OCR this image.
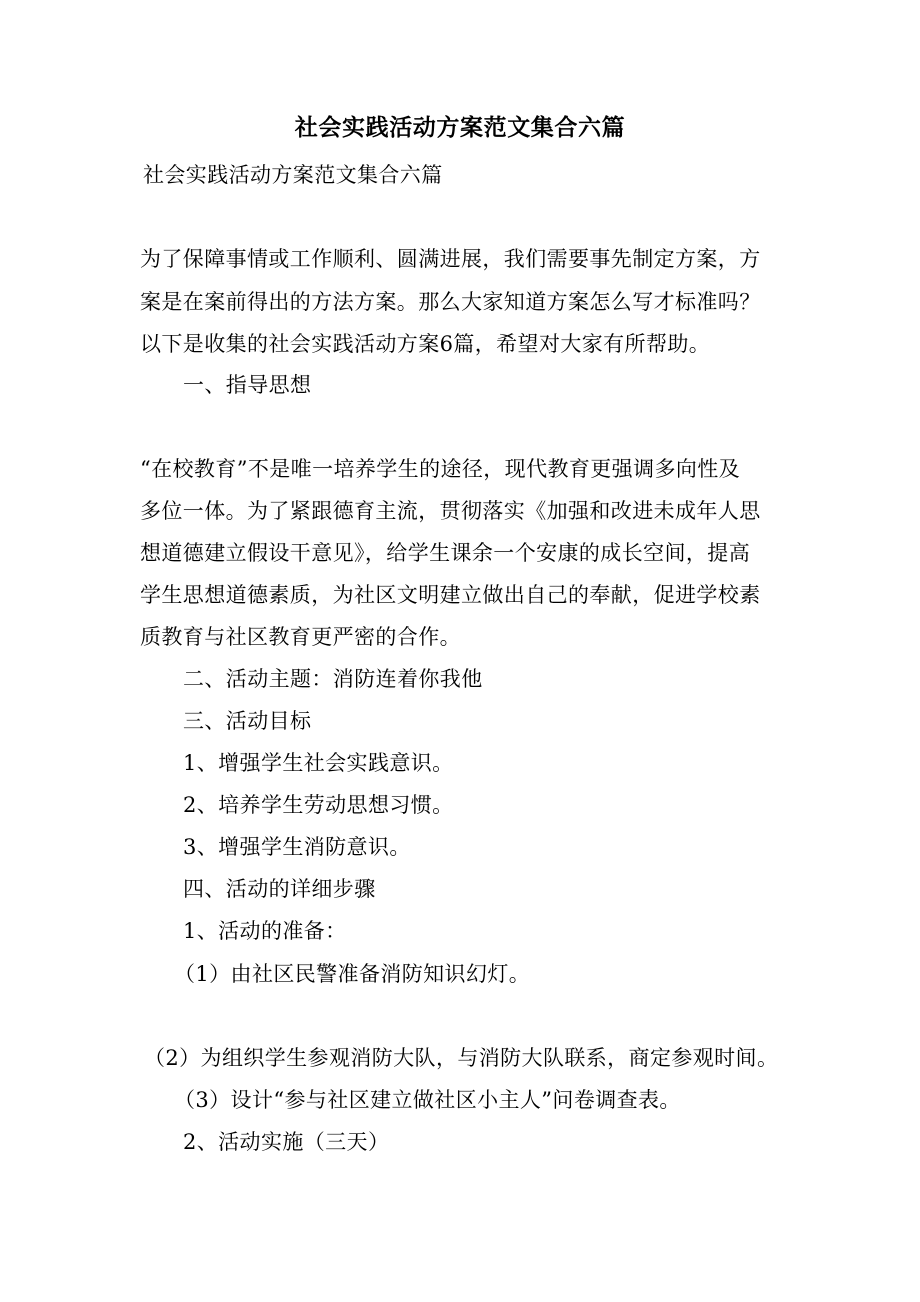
社会实践活动方案范文集合六篇
社会实践活动方案范文集合六篇
为了保障事情或工作顺利、圆满进展，我们需要事先制定方案，方
案是在案前得出的方法方案。那么大家知道方案怎么写才标准吗？
以下是收集的社会实践活动方案6篇，希望对大家有所帮助。
一、指导思想
“在校教育”不是唯一培养学生的途径，现代教育更强调多向性及
多位一体。为了紧跟德育主流，贯彻落实《加强和改进未成年人思
想道德建立假设干意见》，给学生课余一个安康的成长空间，提高
学生思想道德素质，为社区文明建立做出自己的奉献，促进学校素
质教育与社区教育更严密的合作。
二、活动主题：消防连着你我他
三、活动目标
1、增强学生社会实践意识。
2、培养学生劳动思想习惯。
3、增强学生消防意识。
四、活动的详细步骤
1、活动的准备：
（1）由社区民警准备消防知识幻灯。
（2）为组织学生参观消防大队，与消防大队联系，商定参观时间。
（3）设计“参与社区建立做社区小主人”问卷调查表。
2、活动实施（三天）
